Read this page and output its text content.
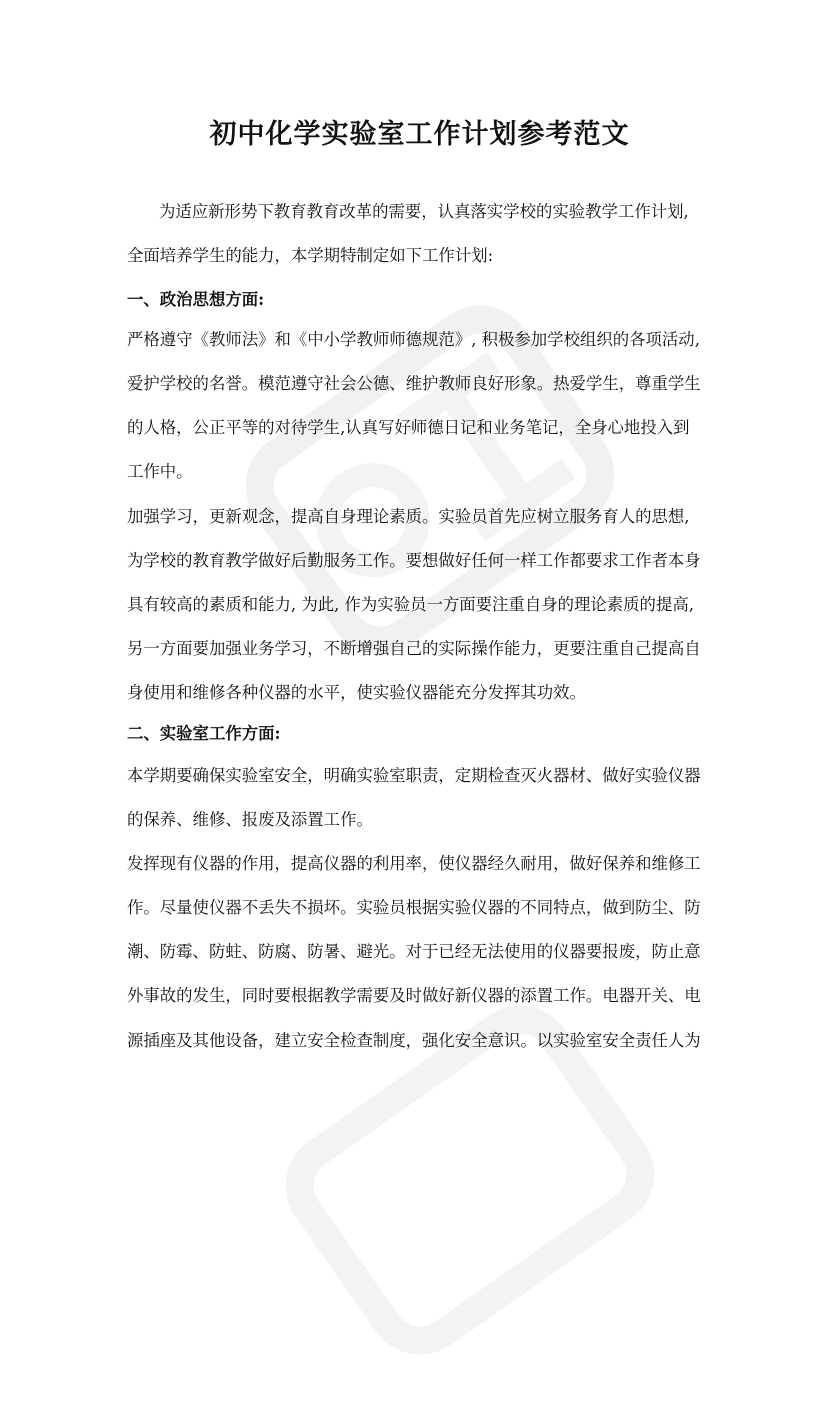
初中化学实验室工作计划参考范文

为适应新形势下教育教育改革的需要，认真落实学校的实验教学工作计划,

全面培养学生的能力，本学期特制定如下工作计划:

一、政治思想方面:

严格遵守《教师法》和《中小学教师师德规范》, 积极参加学校组织的各项活动,

爱护学校的名誉。模范遵守社会公德、维护教师良好形象。热爱学生，尊重学生

的人格，公正平等的对待学生,认真写好师德日记和业务笔记，全身心地投入到

工作中。

加强学习，更新观念，提高自身理论素质。实验员首先应树立服务育人的思想,

为学校的教育教学做好后勤服务工作。要想做好任何一样工作都要求工作者本身

具有较高的素质和能力, 为此, 作为实验员一方面要注重自身的理论素质的提高,

另一方面要加强业务学习，不断增强自己的实际操作能力，更要注重自己提高自

身使用和维修各种仪器的水平，使实验仪器能充分发挥其功效。

二、实验室工作方面:

本学期要确保实验室安全，明确实验室职责，定期检查灭火器材、做好实验仪器

的保养、维修、报废及添置工作。

发挥现有仪器的作用，提高仪器的利用率，使仪器经久耐用，做好保养和维修工

作。尽量使仪器不丢失不损坏。实验员根据实验仪器的不同特点，做到防尘、防

潮、防霉、防蛀、防腐、防暑、避光。对于已经无法使用的仪器要报废，防止意

外事故的发生，同时要根据教学需要及时做好新仪器的添置工作。电器开关、电

源插座及其他设备，建立安全检查制度，强化安全意识。以实验室安全责任人为
